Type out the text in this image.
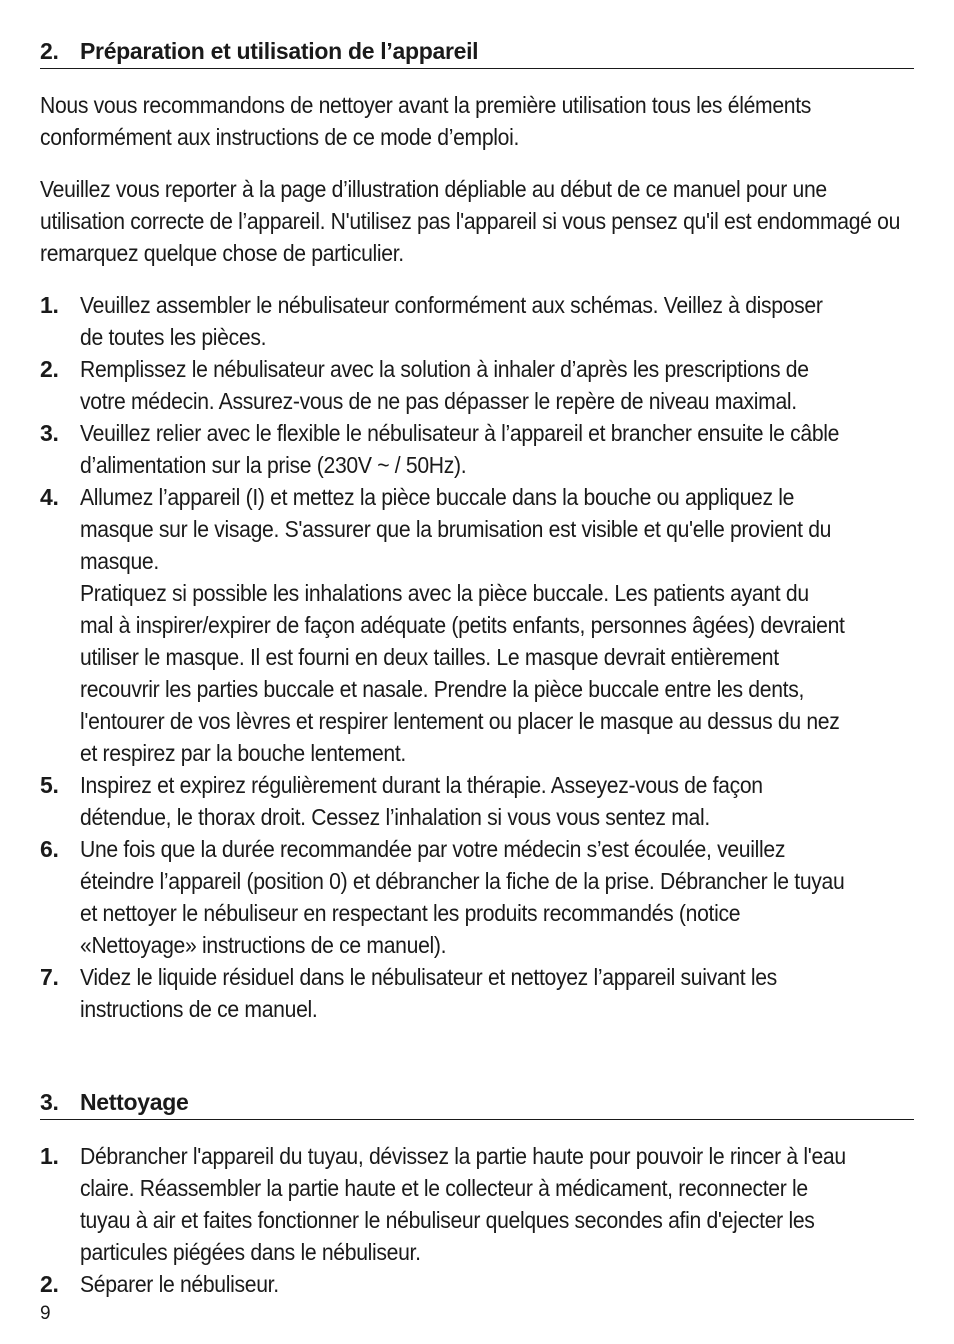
2. Préparation et utilisation de l’appareil

Nous vous recommandons de nettoyer avant la première utilisation tous les éléments conformément aux instructions de ce mode d’emploi.

Veuillez vous reporter à la page d’illustration dépliable au début de ce manuel pour une utilisation correcte de l’appareil. N'utilisez pas l'appareil si vous pensez qu'il est endommagé ou remarquez quelque chose de particulier.

1. Veuillez assembler le nébulisateur conformément aux schémas. Veillez à disposer de toutes les pièces.

2. Remplissez le nébulisateur avec la solution à inhaler d’après les prescriptions de votre médecin. Assurez-vous de ne pas dépasser le repère de niveau maximal.

3. Veuillez relier avec le flexible le nébulisateur à l’appareil et brancher ensuite le câble d’alimentation sur la prise (230V ~ / 50Hz).

4. Allumez l’appareil (I) et mettez la pièce buccale dans la bouche ou appliquez le masque sur le visage. S'assurer que la brumisation est visible et qu'elle provient du masque.

Pratiquez si possible les inhalations avec la pièce buccale. Les patients ayant du mal à inspirer/expirer de façon adéquate (petits enfants, personnes âgées) devraient utiliser le masque. Il est fourni en deux tailles. Le masque devrait entièrement recouvrir les parties buccale et nasale. Prendre la pièce buccale entre les dents, l'entourer de vos lèvres et respirer lentement ou placer le masque au dessus du nez et respirez par la bouche lentement.

5. Inspirez et expirez régulièrement durant la thérapie. Asseyez-vous de façon détendue, le thorax droit. Cessez l’inhalation si vous vous sentez mal.

6. Une fois que la durée recommandée par votre médecin s’est écoulée, veuillez éteindre l’appareil (position 0) et débrancher la fiche de la prise. Débrancher le tuyau et nettoyer le nébuliseur en respectant les produits recommandés (notice «Nettoyage» instructions de ce manuel).

7. Videz le liquide résiduel dans le nébulisateur et nettoyez l’appareil suivant les instructions de ce manuel.

3. Nettoyage
1. Débrancher l'appareil du tuyau, dévissez la partie haute pour pouvoir le rincer à l'eau claire. Réassembler la partie haute et le collecteur à médicament, reconnecter le tuyau à air et faites fonctionner le nébuliseur quelques secondes afin d'ejecter les particules piégées dans le nébuliseur.

2. Séparer le nébuliseur.

9
